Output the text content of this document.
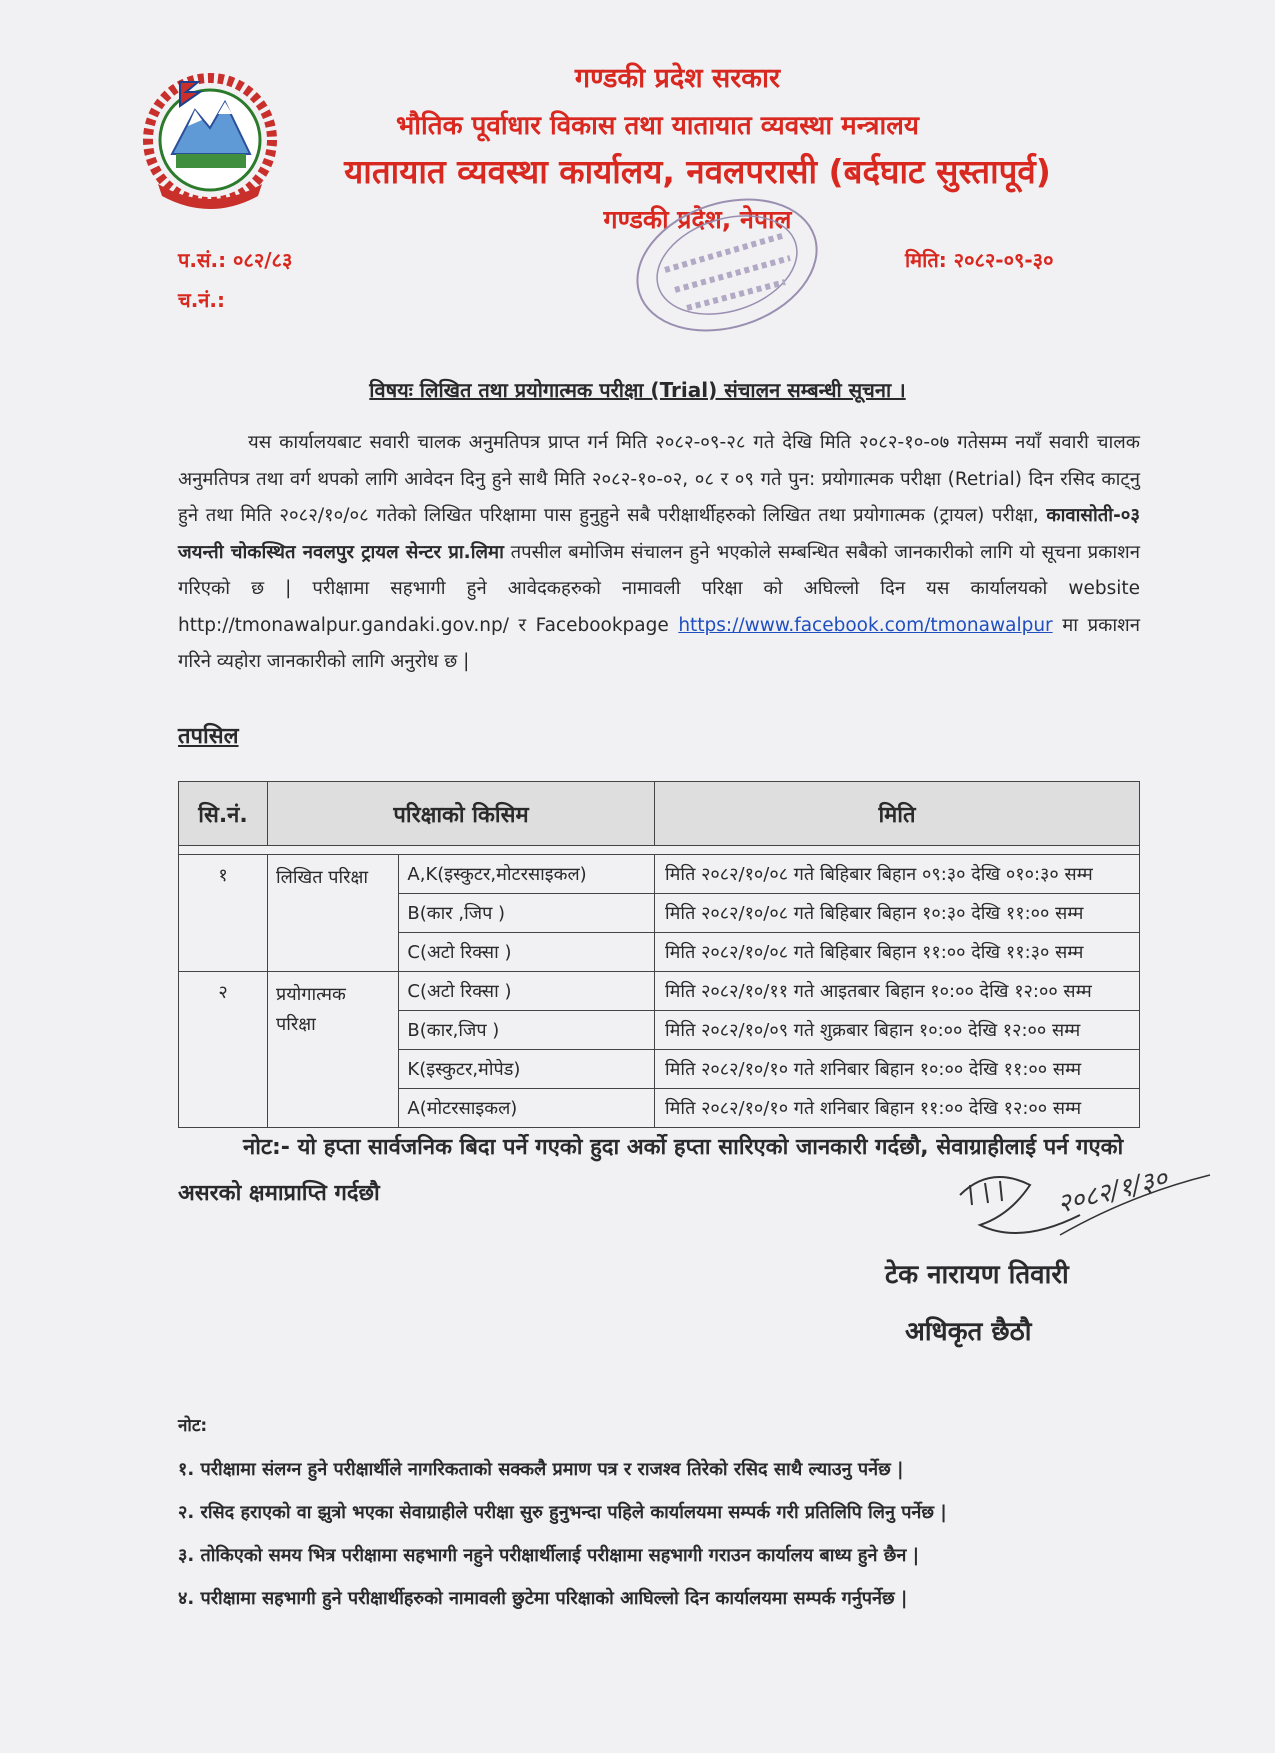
गण्डकी प्रदेश सरकार
भौतिक पूर्वाधार विकास तथा यातायात व्यवस्था मन्त्रालय
यातायात व्यवस्था कार्यालय, नवलपरासी (बर्दघाट सुस्तापूर्व)
गण्डकी प्रदेश, नेपाल
प.सं.: ०८२/८३
च.नं.:
मिति: २०८२-०९-३०
विषयः लिखित तथा प्रयोगात्मक परीक्षा (Trial) संचालन सम्बन्धी सूचना ।
यस कार्यालयबाट सवारी चालक अनुमतिपत्र प्राप्त गर्न मिति २०८२-०९-२८ गते देखि मिति २०८२-१०-०७ गतेसम्म नयाँ सवारी चालक अनुमतिपत्र तथा वर्ग थपको लागि आवेदन दिनु हुने साथै मिति २०८२-१०-०२, ०८ र ०९ गते पुन: प्रयोगात्मक परीक्षा (Retrial) दिन रसिद काट्नु हुने तथा मिति २०८२/१०/०८ गतेको लिखित परिक्षामा पास हुनुहुने सबै परीक्षार्थीहरुको लिखित तथा प्रयोगात्मक (ट्रायल) परीक्षा, कावासोती-०३ जयन्ती चोकस्थित नवलपुर ट्रायल सेन्टर प्रा.लिमा तपसील बमोजिम संचालन हुने भएकोले सम्बन्धित सबैको जानकारीको लागि यो सूचना प्रकाशन गरिएको छ | परीक्षामा सहभागी हुने आवेदकहरुको नामावली परिक्षा को अघिल्लो दिन यस कार्यालयको website http://tmonawalpur.gandaki.gov.np/ र Facebookpage https://www.facebook.com/tmonawalpur मा प्रकाशन गरिने व्यहोरा जानकारीको लागि अनुरोध छ |
तपसिल
सि.नं.	परिक्षाको किसिम		मिति

१	लिखित परिक्षा	A,K(इस्कुटर,मोटरसाइकल)	मिति २०८२/१०/०८ गते बिहिबार बिहान ०९:३० देखि ०१०:३० सम्म
		B(कार ,जिप )	मिति २०८२/१०/०८ गते बिहिबार बिहान १०:३० देखि ११:०० सम्म
		C(अटो रिक्सा )	मिति २०८२/१०/०८ गते बिहिबार बिहान ११:०० देखि ११:३० सम्म
२	प्रयोगात्मक परिक्षा	C(अटो रिक्सा )	मिति २०८२/१०/११ गते आइतबार बिहान १०:०० देखि १२:०० सम्म
		B(कार,जिप )	मिति २०८२/१०/०९ गते शुक्रबार बिहान १०:०० देखि १२:०० सम्म
		K(इस्कुटर,मोपेड)	मिति २०८२/१०/१० गते शनिबार बिहान १०:०० देखि ११:०० सम्म
		A(मोटरसाइकल)	मिति २०८२/१०/१० गते शनिबार बिहान ११:०० देखि १२:०० सम्म
नोट:- यो हप्ता सार्वजनिक बिदा पर्ने गएको हुदा अर्को हप्ता सारिएको जानकारी गर्दछौ, सेवाग्राहीलाई पर्न गएको असरको क्षमाप्राप्ति गर्दछौ	२०८२/१/३०
टेक नारायण तिवारी
अधिकृत छैठौ
नोट:
१. परीक्षामा संलग्न हुने परीक्षार्थीले नागरिकताको सक्कलै प्रमाण पत्र र राजश्व तिरेको रसिद साथै ल्याउनु पर्नेछ |
२. रसिद हराएको वा झुत्रो भएका सेवाग्राहीले परीक्षा सुरु हुनुभन्दा पहिले कार्यालयमा सम्पर्क गरी प्रतिलिपि लिनु पर्नेछ |
३. तोकिएको समय भित्र परीक्षामा सहभागी नहुने परीक्षार्थीलाई परीक्षामा सहभागी गराउन कार्यालय बाध्य हुने छैन |
४. परीक्षामा सहभागी हुने परीक्षार्थीहरुको नामावली छुटेमा परिक्षाको आघिल्लो दिन कार्यालयमा सम्पर्क गर्नुपर्नेछ |
